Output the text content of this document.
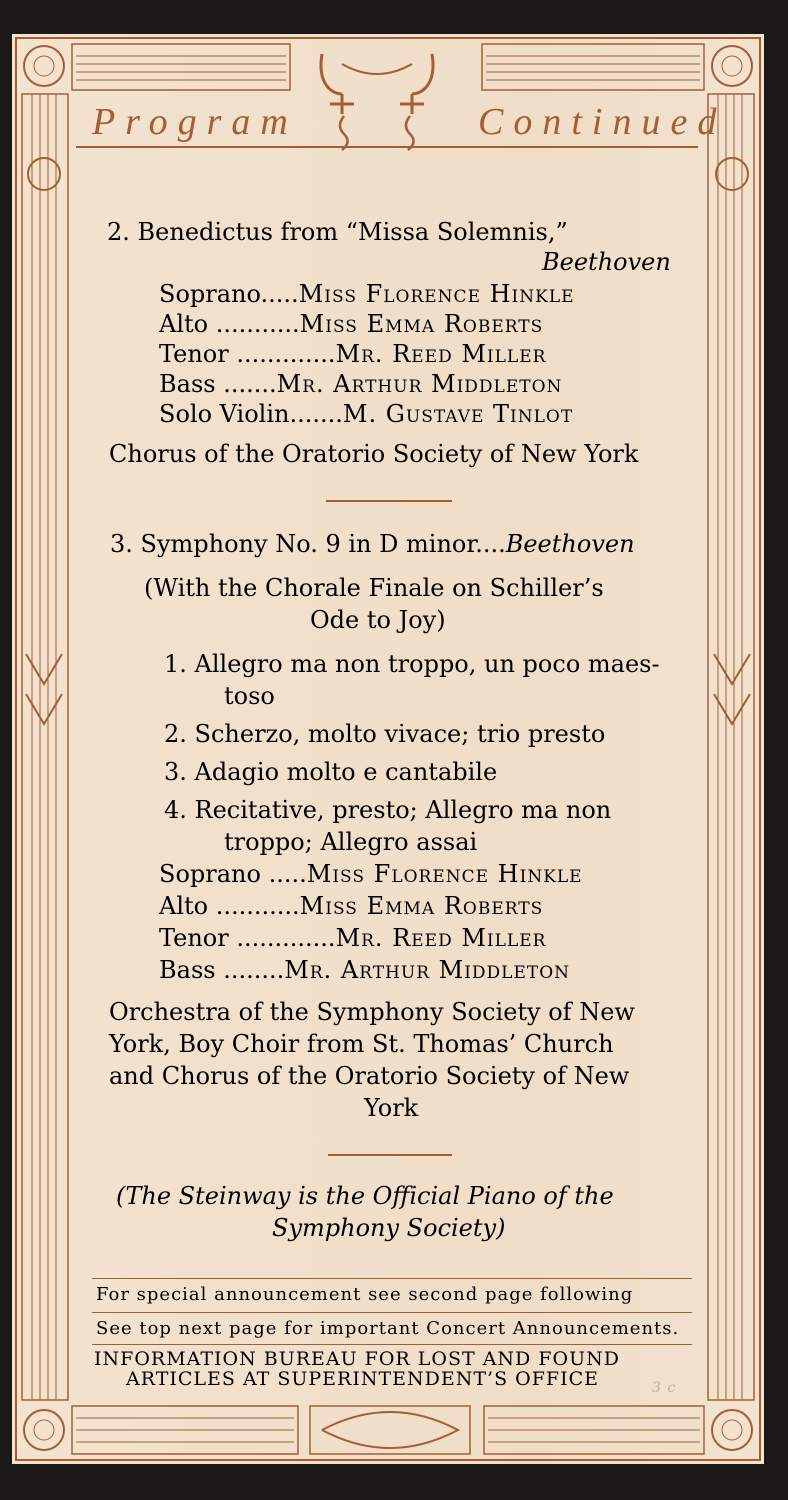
Program	Continued
2. Benedictus from “Missa Solemnis,”
Beethoven
Soprano.....Miss Florence Hinkle
Alto ...........Miss Emma Roberts
Tenor .............Mr. Reed Miller
Bass .......Mr. Arthur Middleton
Solo Violin.......M. Gustave Tinlot
Chorus of the Oratorio Society of New York
3. Symphony No. 9 in D minor....Beethoven
(With the Chorale Finale on Schiller’s
Ode to Joy)
1. Allegro ma non troppo, un poco maes-
toso
2. Scherzo, molto vivace; trio presto
3. Adagio molto e cantabile
4. Recitative, presto; Allegro ma non
troppo; Allegro assai
Soprano .....Miss Florence Hinkle
Alto ...........Miss Emma Roberts
Tenor .............Mr. Reed Miller
Bass ........Mr. Arthur Middleton
Orchestra of the Symphony Society of New
York, Boy Choir from St. Thomas’ Church
and Chorus of the Oratorio Society of New
York
(The Steinway is the Official Piano of the
Symphony Society)
For special announcement see second page following
See top next page for important Concert Announcements.
INFORMATION BUREAU FOR LOST AND FOUND
ARTICLES AT SUPERINTENDENT’S OFFICE	3 c
